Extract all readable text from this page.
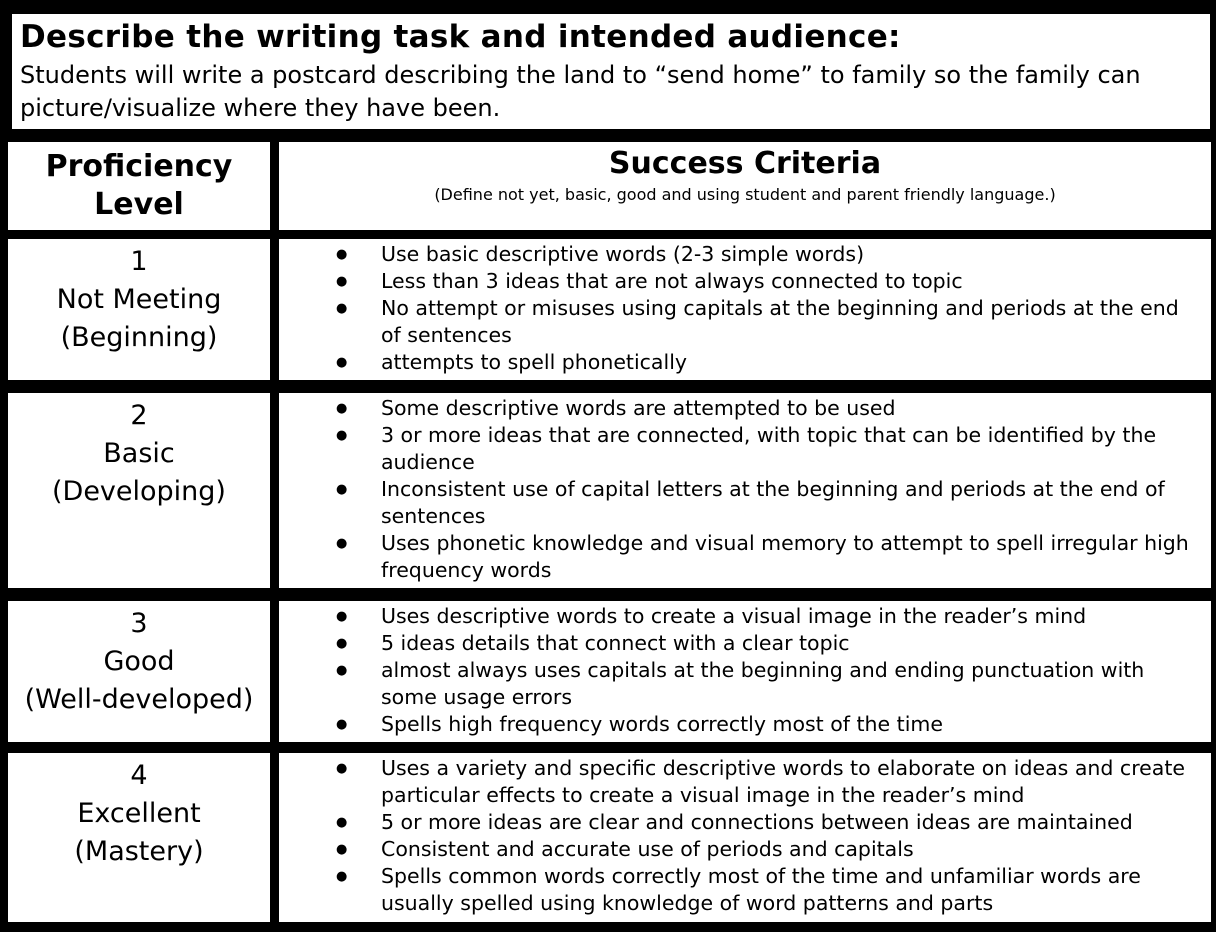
Describe the writing task and intended audience:
Students will write a postcard describing the land to “send home” to family so the family can picture/visualize where they have been.
Proficiency
Level
Success Criteria
(Define not yet, basic, good and using student and parent friendly language.)
1
Not Meeting
(Beginning)
● Use basic descriptive words (2-3 simple words)
● Less than 3 ideas that are not always connected to topic
● No attempt or misuses using capitals at the beginning and periods at the end of sentences
● attempts to spell phonetically
2
Basic
(Developing)
● Some descriptive words are attempted to be used
● 3 or more ideas that are connected, with topic that can be identified by the audience
● Inconsistent use of capital letters at the beginning and periods at the end of sentences
● Uses phonetic knowledge and visual memory to attempt to spell irregular high frequency words
3
Good
(Well-developed)
● Uses descriptive words to create a visual image in the reader’s mind
● 5 ideas details that connect with a clear topic
● almost always uses capitals at the beginning and ending punctuation with some usage errors
● Spells high frequency words correctly most of the time
4
Excellent
(Mastery)
● Uses a variety and specific descriptive words to elaborate on ideas and create particular effects to create a visual image in the reader’s mind
● 5 or more ideas are clear and connections between ideas are maintained
● Consistent and accurate use of periods and capitals
● Spells common words correctly most of the time and unfamiliar words are usually spelled using knowledge of word patterns and parts
